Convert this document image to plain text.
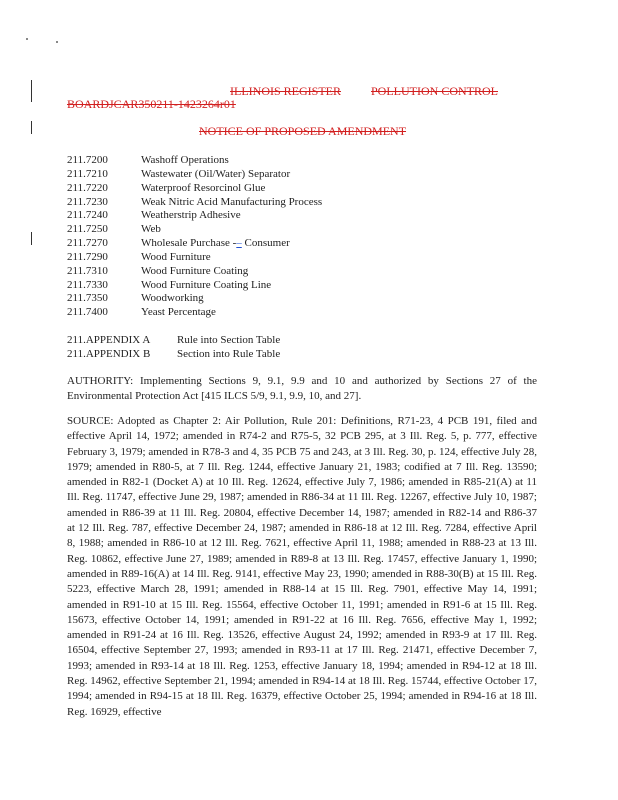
ILLINOIS REGISTER	POLLUTION CONTROL
BOARDJCAR350211-1423264r01
NOTICE OF PROPOSED AMENDMENT
211.7200	Washoff Operations
211.7210	Wastewater (Oil/Water) Separator
211.7220	Waterproof Resorcinol Glue
211.7230	Weak Nitric Acid Manufacturing Process
211.7240	Weatherstrip Adhesive
211.7250	Web
211.7270	Wholesale Purchase -– Consumer
211.7290	Wood Furniture
211.7310	Wood Furniture Coating
211.7330	Wood Furniture Coating Line
211.7350	Woodworking
211.7400	Yeast Percentage
211.APPENDIX A	Rule into Section Table
211.APPENDIX B	Section into Rule Table

AUTHORITY: Implementing Sections 9, 9.1, 9.9 and 10 and authorized by Sections 27 of the Environmental Protection Act [415 ILCS 5/9, 9.1, 9.9, 10, and 27].

SOURCE: Adopted as Chapter 2: Air Pollution, Rule 201: Definitions, R71-23, 4 PCB 191, filed and effective April 14, 1972; amended in R74-2 and R75-5, 32 PCB 295, at 3 Ill. Reg. 5, p. 777, effective February 3, 1979; amended in R78-3 and 4, 35 PCB 75 and 243, at 3 Ill. Reg. 30, p. 124, effective July 28, 1979; amended in R80-5, at 7 Ill. Reg. 1244, effective January 21, 1983; codified at 7 Ill. Reg. 13590; amended in R82-1 (Docket A) at 10 Ill. Reg. 12624, effective July 7, 1986; amended in R85-21(A) at 11 Ill. Reg. 11747, effective June 29, 1987; amended in R86-34 at 11 Ill. Reg. 12267, effective July 10, 1987; amended in R86-39 at 11 Ill. Reg. 20804, effective December 14, 1987; amended in R82-14 and R86-37 at 12 Ill. Reg. 787, effective December 24, 1987; amended in R86-18 at 12 Ill. Reg. 7284, effective April 8, 1988; amended in R86-10 at 12 Ill. Reg. 7621, effective April 11, 1988; amended in R88-23 at 13 Ill. Reg. 10862, effective June 27, 1989; amended in R89-8 at 13 Ill. Reg. 17457, effective January 1, 1990; amended in R89-16(A) at 14 Ill. Reg. 9141, effective May 23, 1990; amended in R88-30(B) at 15 Ill. Reg. 5223, effective March 28, 1991; amended in R88-14 at 15 Ill. Reg. 7901, effective May 14, 1991; amended in R91-10 at 15 Ill. Reg. 15564, effective October 11, 1991; amended in R91-6 at 15 Ill. Reg. 15673, effective October 14, 1991; amended in R91-22 at 16 Ill. Reg. 7656, effective May 1, 1992; amended in R91-24 at 16 Ill. Reg. 13526, effective August 24, 1992; amended in R93-9 at 17 Ill. Reg. 16504, effective September 27, 1993; amended in R93-11 at 17 Ill. Reg. 21471, effective December 7, 1993; amended in R93-14 at 18 Ill. Reg. 1253, effective January 18, 1994; amended in R94-12 at 18 Ill. Reg. 14962, effective September 21, 1994; amended in R94-14 at 18 Ill. Reg. 15744, effective October 17, 1994; amended in R94-15 at 18 Ill. Reg. 16379, effective October 25, 1994; amended in R94-16 at 18 Ill. Reg. 16929, effective
